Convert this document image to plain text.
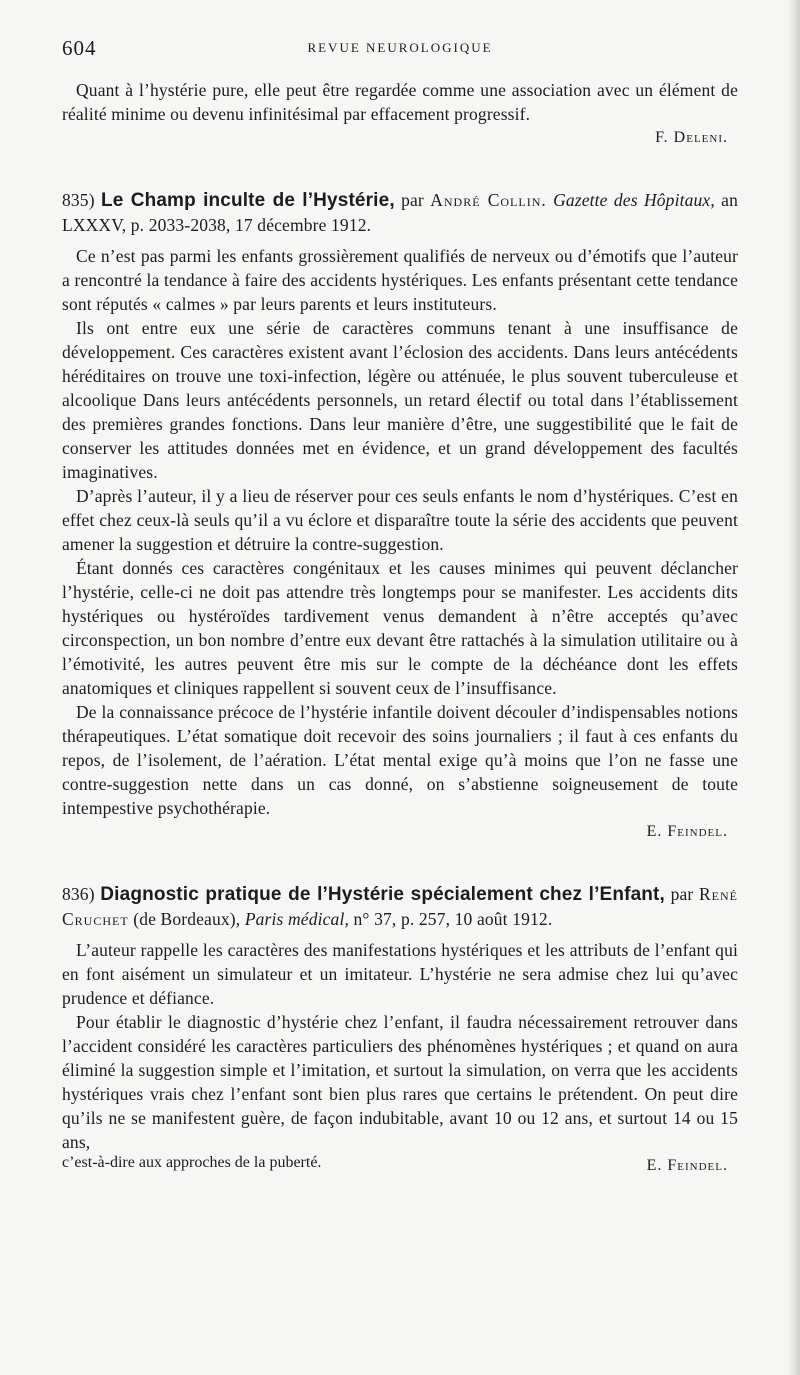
604	REVUE NEUROLOGIQUE

Quant à l’hystérie pure, elle peut être regardée comme une association avec un élément de réalité minime ou devenu infinitésimal par effacement progressif.

F. Deleni.

835) Le Champ inculte de l’Hystérie, par André Collin. Gazette des Hôpitaux, an LXXXV, p. 2033-2038, 17 décembre 1912.

Ce n’est pas parmi les enfants grossièrement qualifiés de nerveux ou d’émotifs que l’auteur a rencontré la tendance à faire des accidents hystériques. Les enfants présentant cette tendance sont réputés « calmes » par leurs parents et leurs instituteurs.

Ils ont entre eux une série de caractères communs tenant à une insuffisance de développement. Ces caractères existent avant l’éclosion des accidents. Dans leurs antécédents héréditaires on trouve une toxi-infection, légère ou atténuée, le plus souvent tuberculeuse et alcoolique Dans leurs antécédents personnels, un retard électif ou total dans l’établissement des premières grandes fonctions. Dans leur manière d’être, une suggestibilité que le fait de conserver les attitudes données met en évidence, et un grand développement des facultés imaginatives.

D’après l’auteur, il y a lieu de réserver pour ces seuls enfants le nom d’hystériques. C’est en effet chez ceux-là seuls qu’il a vu éclore et disparaître toute la série des accidents que peuvent amener la suggestion et détruire la contre-suggestion.

Étant donnés ces caractères congénitaux et les causes minimes qui peuvent déclancher l’hystérie, celle-ci ne doit pas attendre très longtemps pour se manifester. Les accidents dits hystériques ou hystéroïdes tardivement venus demandent à n’être acceptés qu’avec circonspection, un bon nombre d’entre eux devant être rattachés à la simulation utilitaire ou à l’émotivité, les autres peuvent être mis sur le compte de la déchéance dont les effets anatomiques et cliniques rappellent si souvent ceux de l’insuffisance.

De la connaissance précoce de l’hystérie infantile doivent découler d’indispensables notions thérapeutiques. L’état somatique doit recevoir des soins journaliers ; il faut à ces enfants du repos, de l’isolement, de l’aération. L’état mental exige qu’à moins que l’on ne fasse une contre-suggestion nette dans un cas donné, on s’abstienne soigneusement de toute intempestive psychothérapie.

E. Feindel.

836) Diagnostic pratique de l’Hystérie spécialement chez l’Enfant, par René Cruchet (de Bordeaux), Paris médical, n° 37, p. 257, 10 août 1912.

L’auteur rappelle les caractères des manifestations hystériques et les attributs de l’enfant qui en font aisément un simulateur et un imitateur. L’hystérie ne sera admise chez lui qu’avec prudence et défiance.

Pour établir le diagnostic d’hystérie chez l’enfant, il faudra nécessairement retrouver dans l’accident considéré les caractères particuliers des phénomènes hystériques ; et quand on aura éliminé la suggestion simple et l’imitation, et surtout la simulation, on verra que les accidents hystériques vrais chez l’enfant sont bien plus rares que certains le prétendent. On peut dire qu’ils ne se manifestent guère, de façon indubitable, avant 10 ou 12 ans, et surtout 14 ou 15 ans,

c’est-à-dire aux approches de la puberté.	E. Feindel.
